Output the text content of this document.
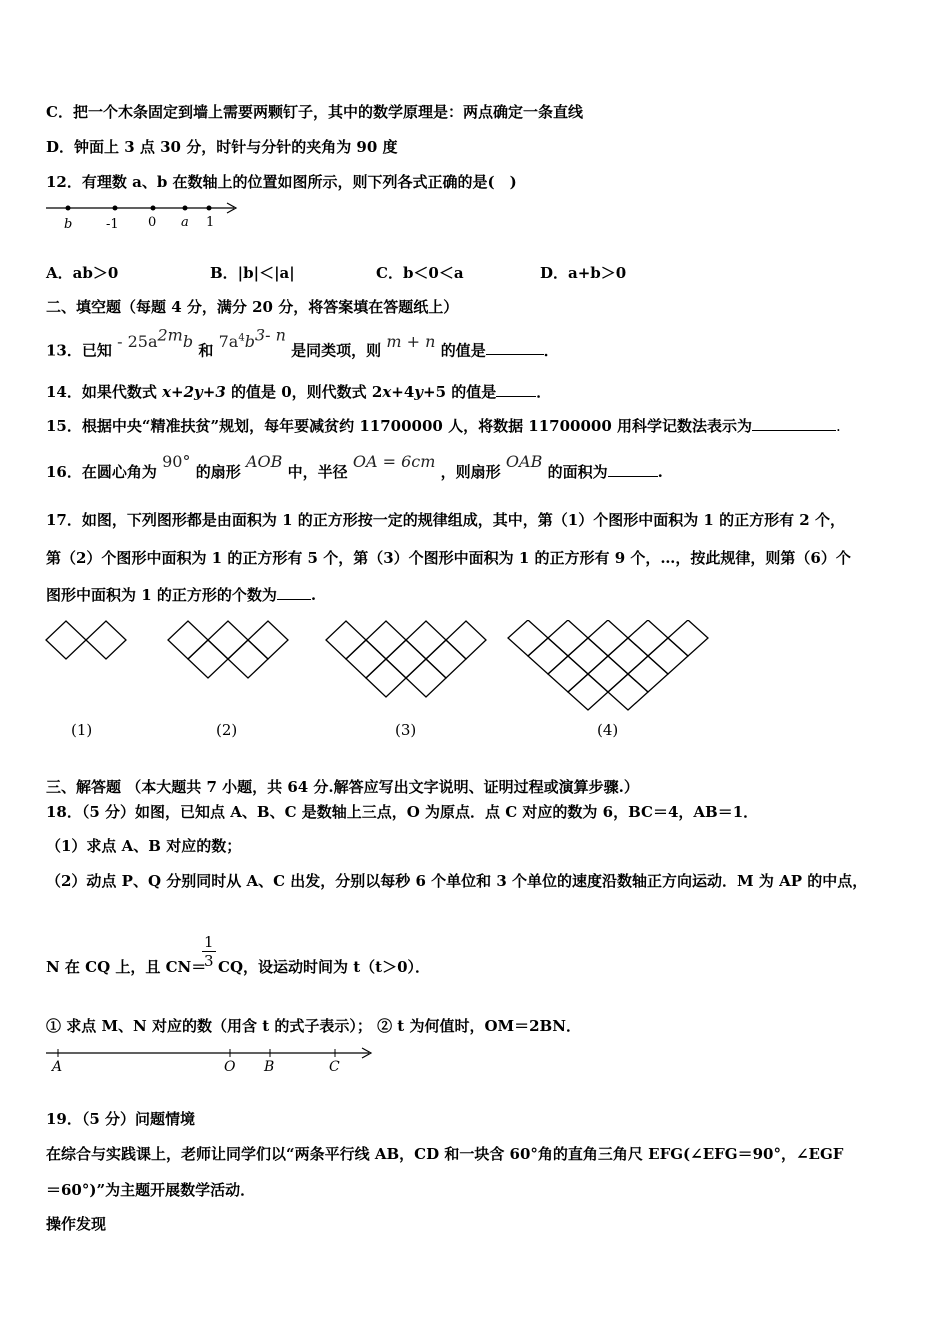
C．把一个木条固定到墙上需要两颗钉子，其中的数学原理是：两点确定一条直线
D．钟面上 3 点 30 分，时针与分针的夹角为 90 度
12．有理数 a、b 在数轴上的位置如图所示，则下列各式正确的是(　)
b	-1 0 a 1
A．ab＞0	B．|b|＜|a|	C．b＜0＜a	D．a+b＞0
二、填空题（每题 4 分，满分 20 分，将答案填在答题纸上）
13．已知 - $25a^{2m}b$ 和 $7a^4b^{3- n}$ 是同类项，则 m + n 的值是	．
14．如果代数式 x+2y+3 的值是 0，则代数式 2x+4y+5 的值是	．
15．根据中央“精准扶贫”规划，每年要减贫约 11700000 人，将数据 11700000 用科学记数法表示为	.
16．在圆心角为 90° 的扇形 AOB 中，半径 OA = 6cm ，则扇形 OAB 的面积为	.
17．如图，下列图形都是由面积为 1 的正方形按一定的规律组成，其中，第（1）个图形中面积为 1 的正方形有 2 个，
第（2）个图形中面积为 1 的正方形有 5 个，第（3）个图形中面积为 1 的正方形有 9 个，…，按此规律，则第（6）个
图形中面积为 1 的正方形的个数为 .
(1)	(2)	(3)	(4)
三、解答题 （本大题共 7 小题，共 64 分.解答应写出文字说明、证明过程或演算步骤.）
18．（5 分）如图，已知点 A、B、C 是数轴上三点，O 为原点．点 C 对应的数为 6，BC＝4，AB＝1．
（1）求点 A、B 对应的数；
（2）动点 P、Q 分别同时从 A、C 出发，分别以每秒 6 个单位和 3 个单位的速度沿数轴正方向运动．M 为 AP 的中点，
N 在 CQ 上，且 CN＝
$\frac{1}{3}$ CQ，设运动时间为 t（t＞0）．
① 求点 M、N 对应的数（用含 t 的式子表示）； ② t 为何值时，OM＝2BN．
A	O B	C
19．（5 分）问题情境
在综合与实践课上，老师让同学们以“两条平行线 AB，CD 和一块含 60°角的直角三角尺 EFG(∠EFG＝90°，∠EGF
＝60°)”为主题开展数学活动．
操作发现
